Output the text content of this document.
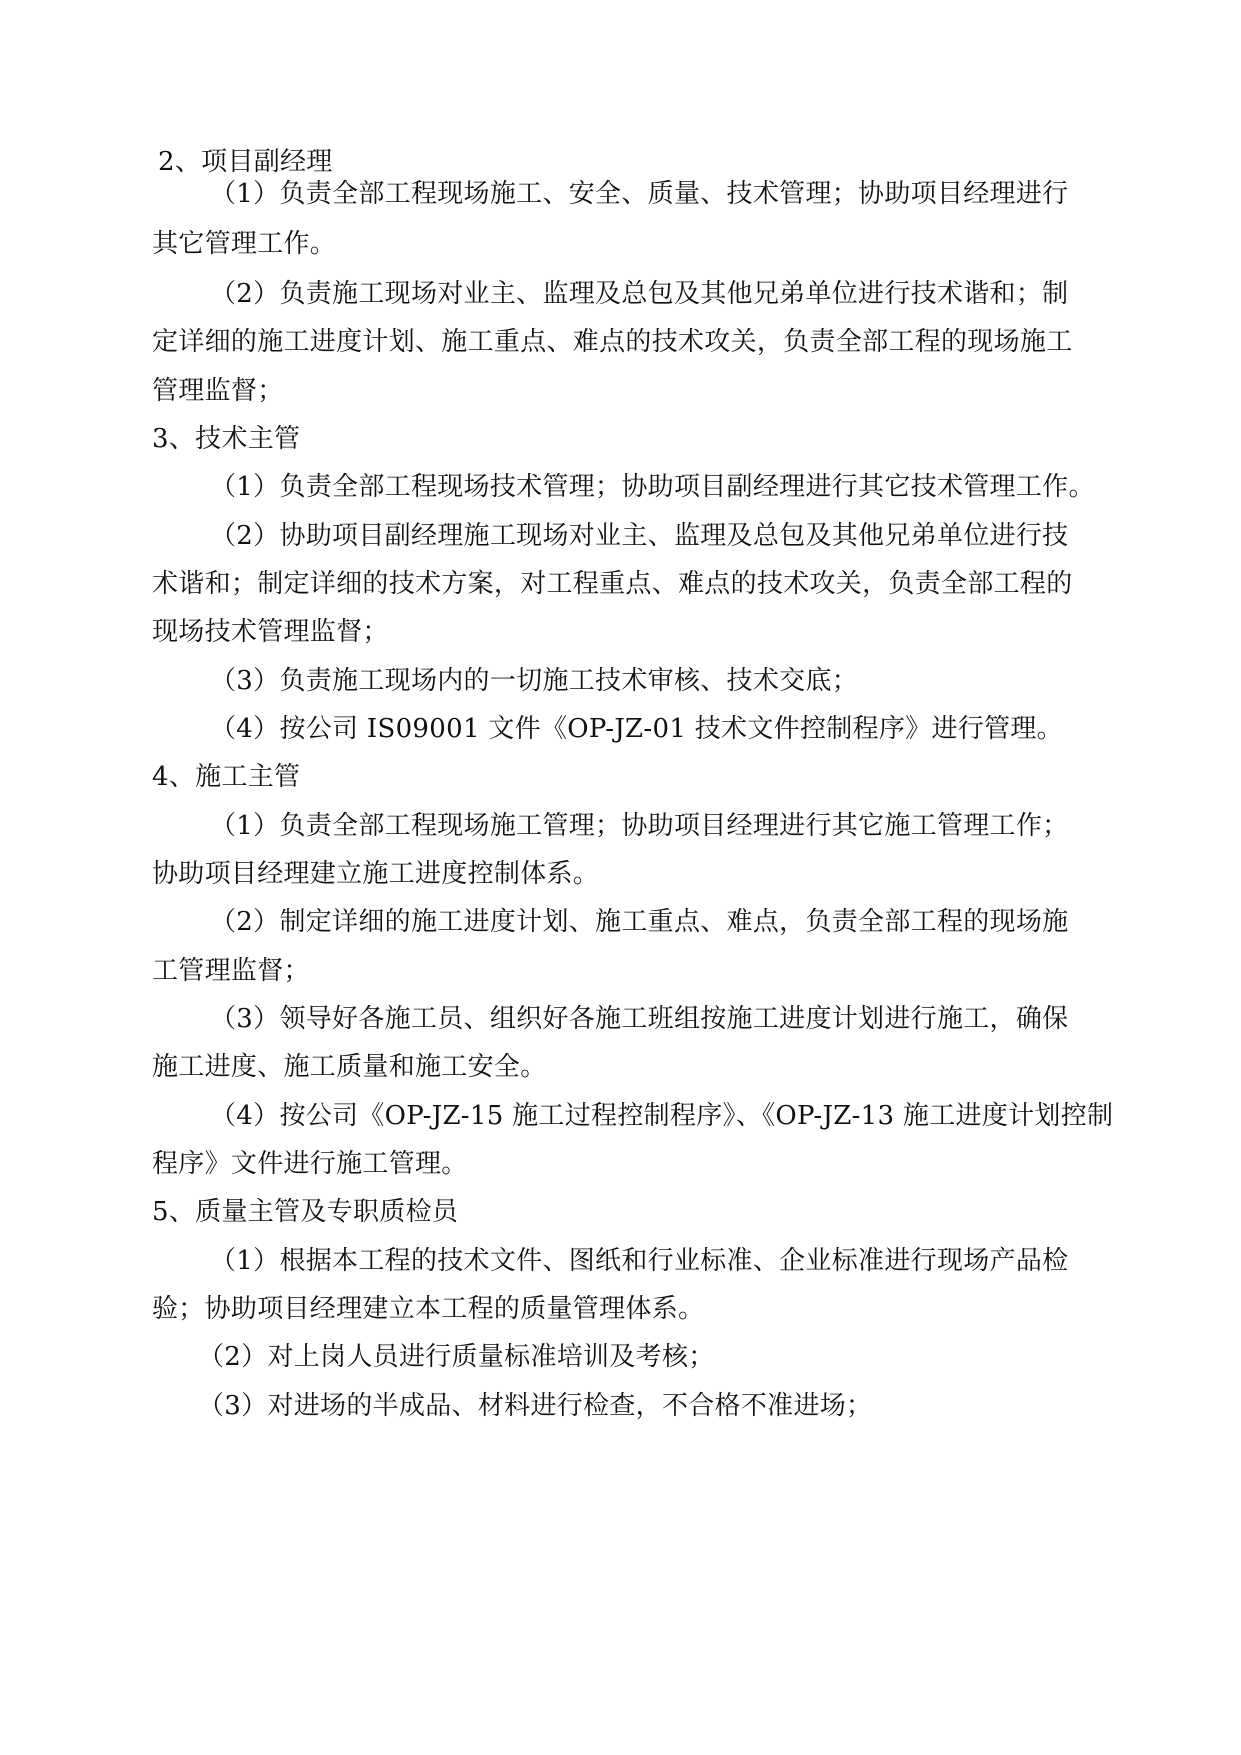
2、项目副经理
（1）负责全部工程现场施工、安全、质量、技术管理；协助项目经理进行
其它管理工作。
（2）负责施工现场对业主、监理及总包及其他兄弟单位进行技术谐和；制
定详细的施工进度计划、施工重点、难点的技术攻关，负责全部工程的现场施工
管理监督；
3、技术主管
（1）负责全部工程现场技术管理；协助项目副经理进行其它技术管理工作。
（2）协助项目副经理施工现场对业主、监理及总包及其他兄弟单位进行技
术谐和；制定详细的技术方案，对工程重点、难点的技术攻关，负责全部工程的
现场技术管理监督；
（3）负责施工现场内的一切施工技术审核、技术交底；
（4）按公司 IS09001 文件《OP-JZ-01 技术文件控制程序》进行管理。
4、施工主管
（1）负责全部工程现场施工管理；协助项目经理进行其它施工管理工作；
协助项目经理建立施工进度控制体系。
（2）制定详细的施工进度计划、施工重点、难点，负责全部工程的现场施
工管理监督；
（3）领导好各施工员、组织好各施工班组按施工进度计划进行施工，确保
施工进度、施工质量和施工安全。
（4）按公司《OP-JZ-15 施工过程控制程序》、《OP-JZ-13 施工进度计划控制
程序》文件进行施工管理。
5、质量主管及专职质检员
（1）根据本工程的技术文件、图纸和行业标准、企业标准进行现场产品检
验；协助项目经理建立本工程的质量管理体系。
（2）对上岗人员进行质量标准培训及考核；
（3）对进场的半成品、材料进行检查，不合格不准进场；
